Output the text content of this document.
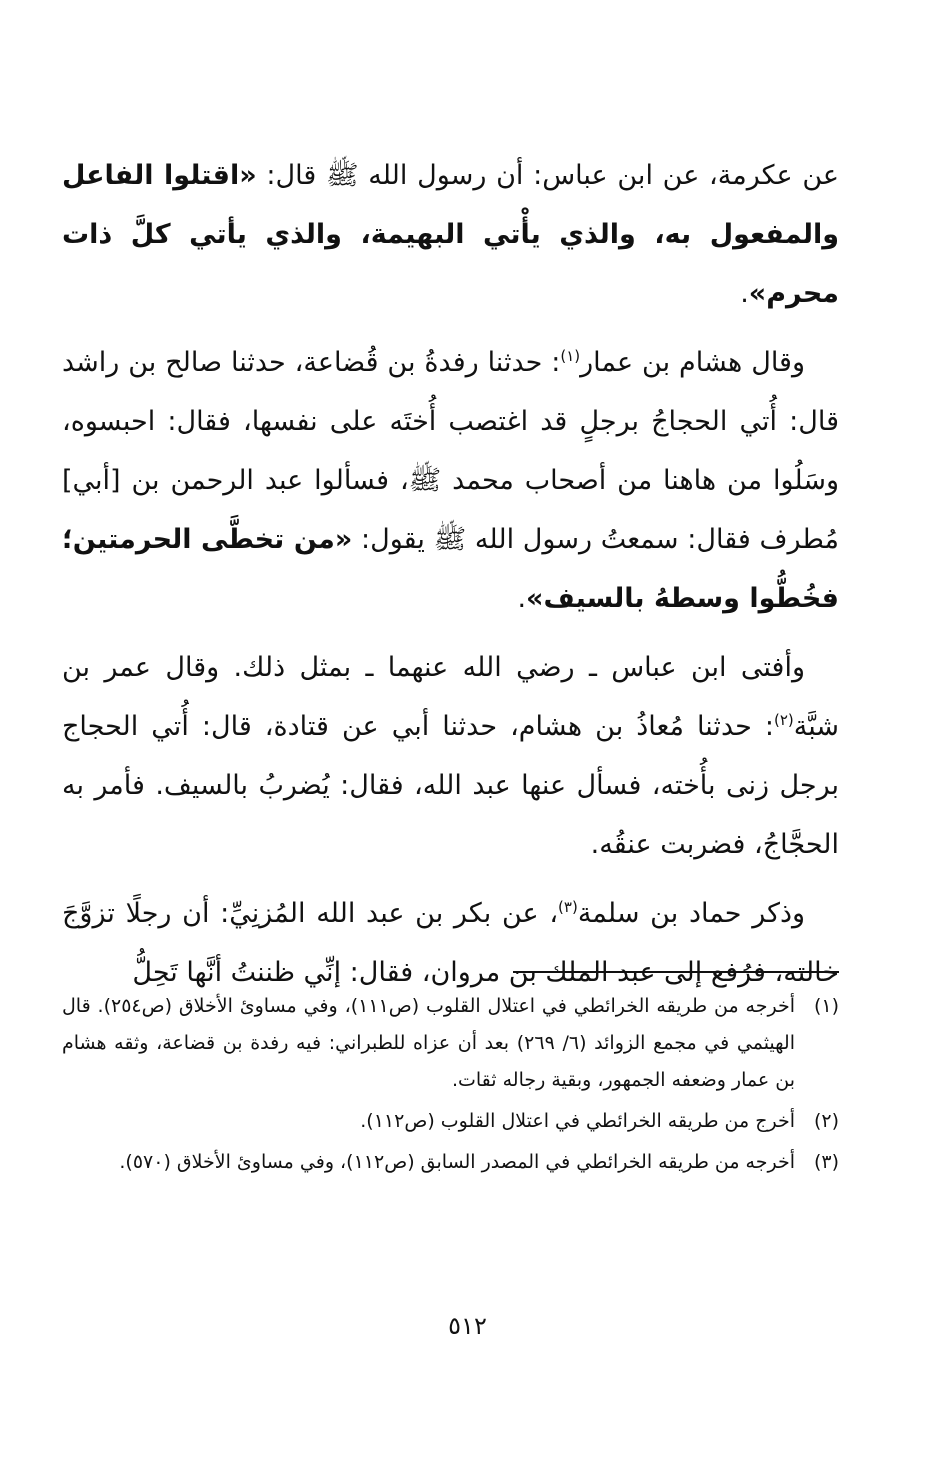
عن عكرمة، عن ابن عباس: أن رسول الله ﷺ قال: «اقتلوا الفاعل والمفعول به، والذي يأْتي البهيمة، والذي يأتي كلَّ ذات محرم».

وقال هشام بن عمار$^{(١)}$: حدثنا رفدةُ بن قُضاعة، حدثنا صالح بن راشد قال: أُتي الحجاجُ برجلٍ قد اغتصب أُختَه على نفسها، فقال: احبسوه، وسَلُوا من هاهنا من أصحاب محمد ﷺ، فسألوا عبد الرحمن بن [أبي] مُطرف فقال: سمعتُ رسول الله ﷺ يقول: «من تخطَّى الحرمتين؛ فخُطُّوا وسطهُ بالسيف».

وأفتى ابن عباس ـ رضي الله عنهما ـ بمثل ذلك. وقال عمر بن شبَّة$^{(٢)}$: حدثنا مُعاذُ بن هشام، حدثنا أبي عن قتادة، قال: أُتي الحجاج برجل زنى بأُخته، فسأل عنها عبد الله، فقال: يُضربُ بالسيف. فأمر به الحجَّاجُ، فضربت عنقُه.

وذكر حماد بن سلمة$^{(٣)}$، عن بكر بن عبد الله المُزنِيِّ: أن رجلًا تزوَّجَ خالته، فرُفع إلى عبد الملك بن مروان، فقال: إنِّي ظننتُ أنَّها تَحِلُّ

(١)
أخرجه من طريقه الخرائطي في اعتلال القلوب (ص١١١)، وفي مساوئ الأخلاق (ص٢٥٤). قال الهيثمي في مجمع الزوائد (٦/ ٢٦٩) بعد أن عزاه للطبراني: فيه رفدة بن قضاعة، وثقه هشام بن عمار وضعفه الجمهور، وبقية رجاله ثقات.
(٢)
أخرج من طريقه الخرائطي في اعتلال القلوب (ص١١٢).
(٣)
أخرجه من طريقه الخرائطي في المصدر السابق (ص١١٢)، وفي مساوئ الأخلاق (٥٧٠).
٥١٢
